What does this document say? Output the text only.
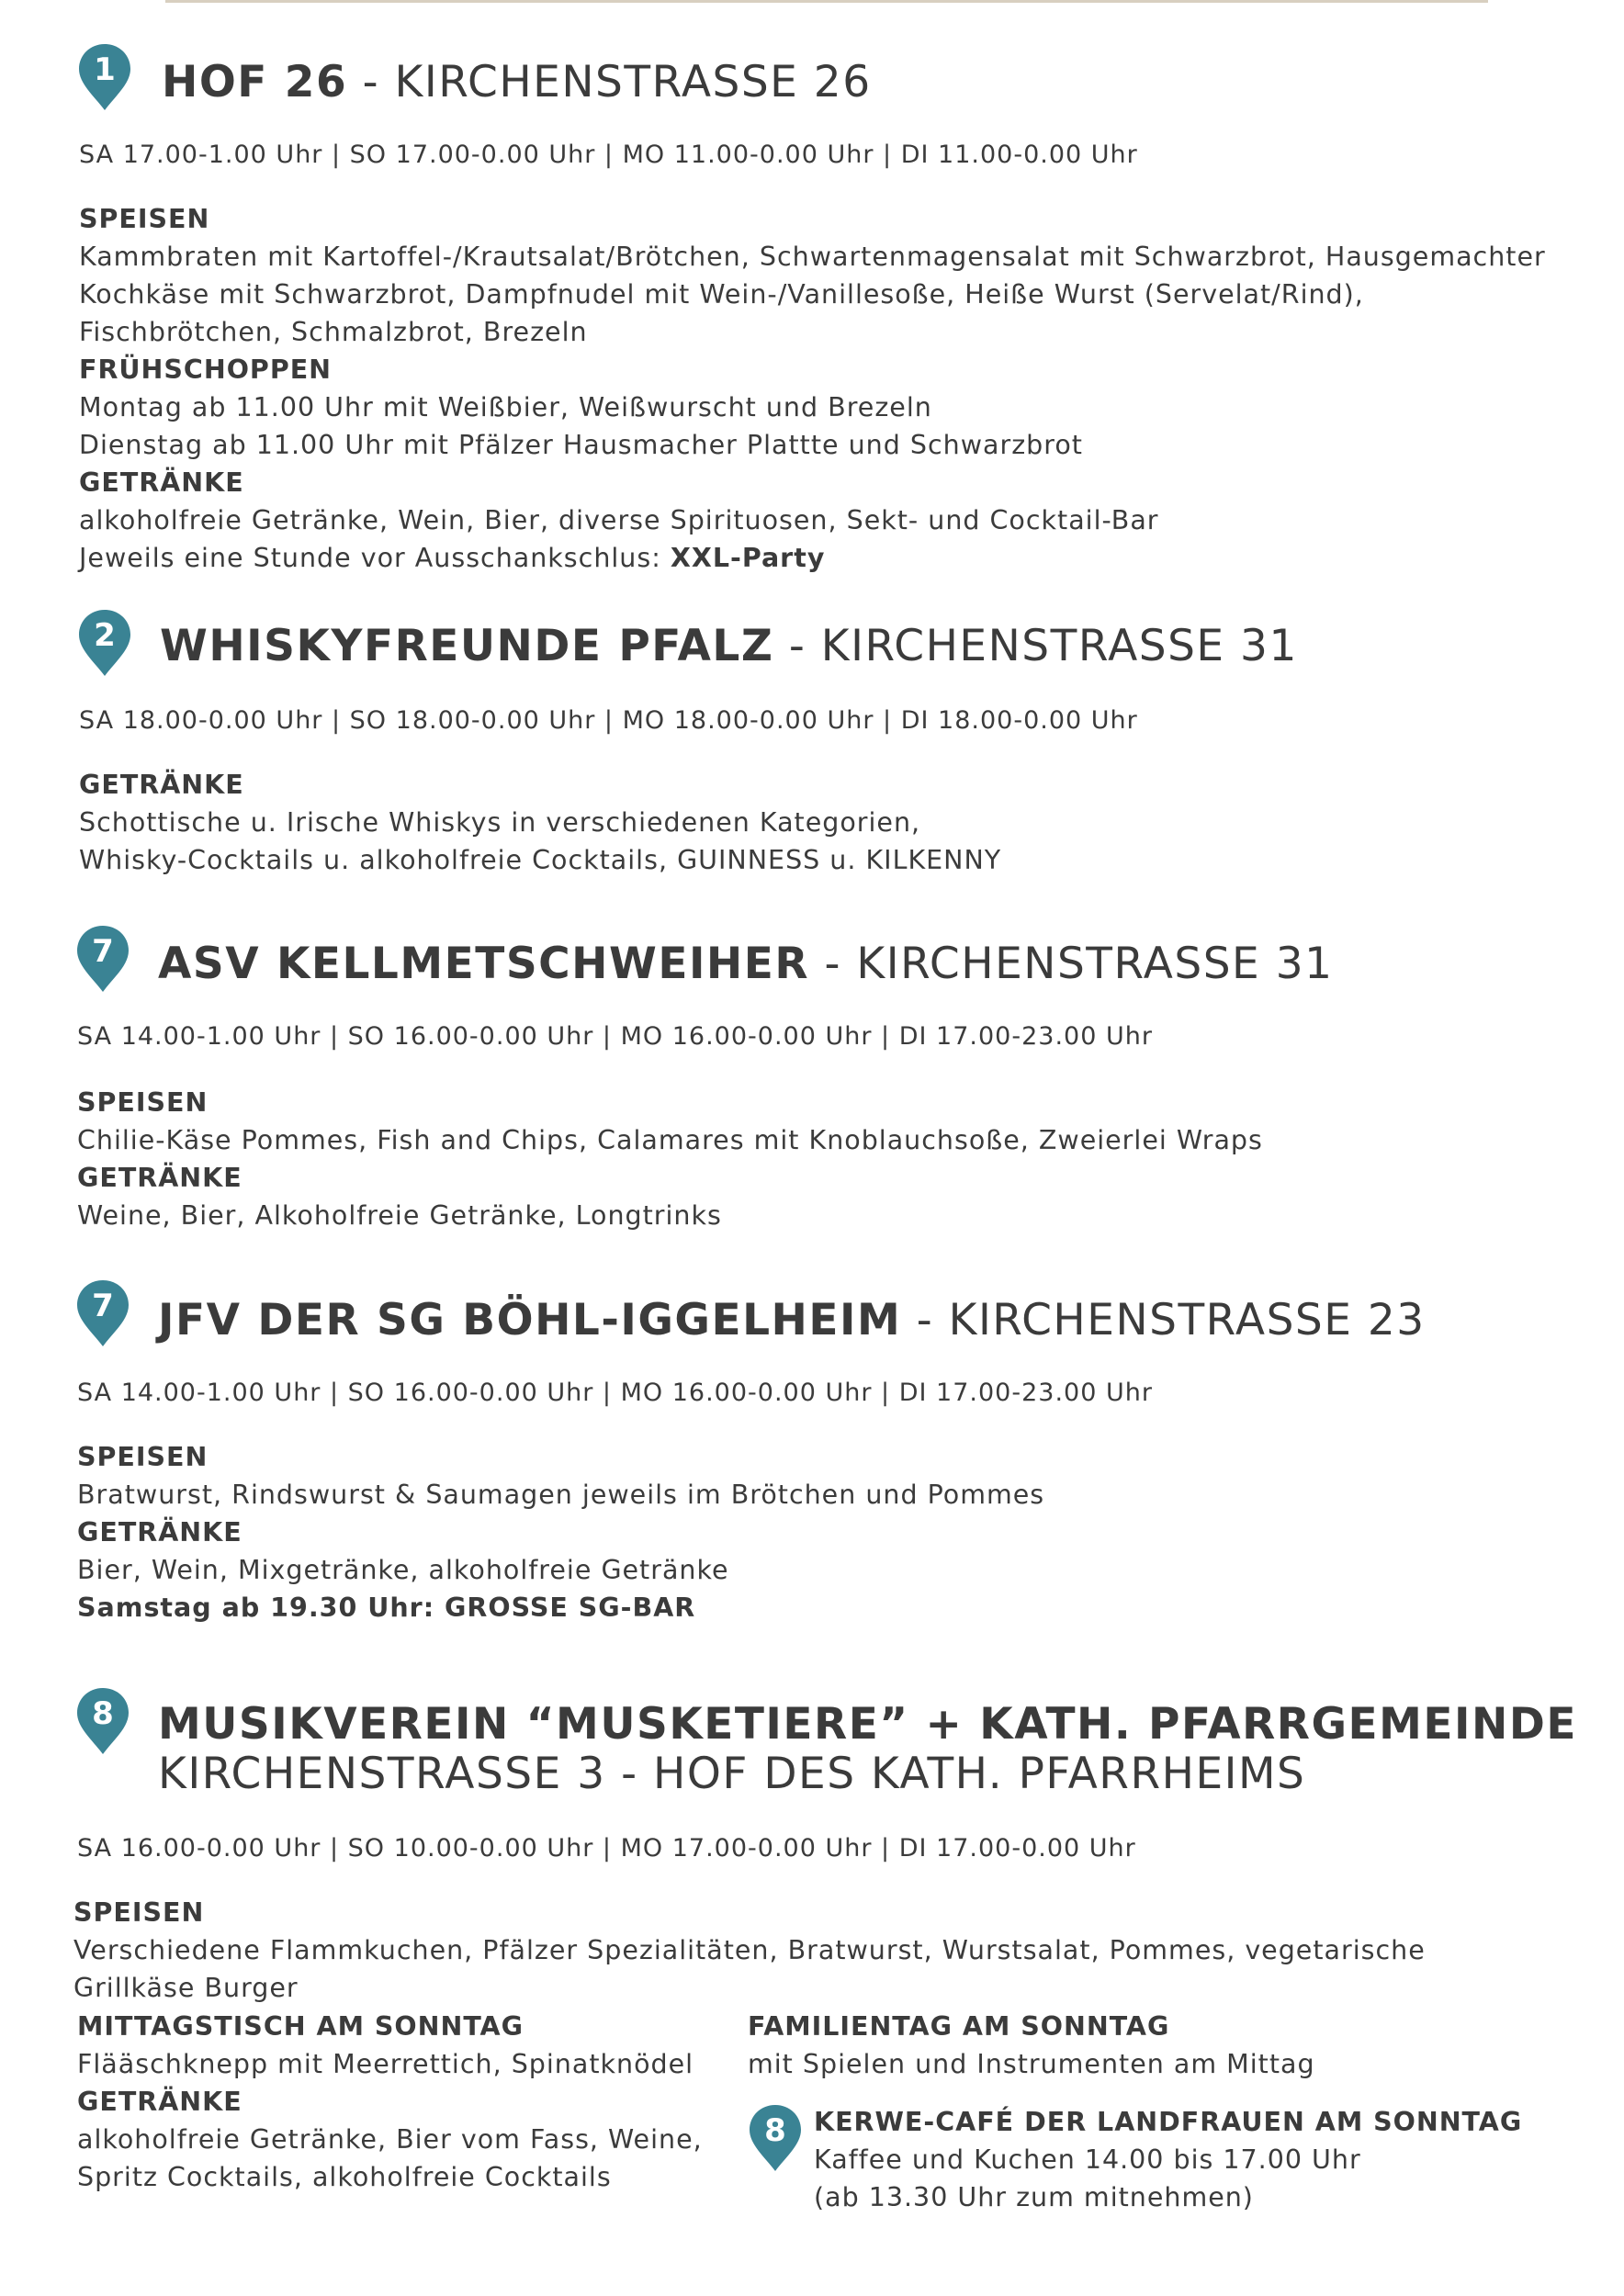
1	HOF 26 - KIRCHENSTRASSE 26
SA 17.00-1.00 Uhr | SO 17.00-0.00 Uhr | MO 11.00-0.00 Uhr | DI 11.00-0.00 Uhr
SPEISEN
Kammbraten mit Kartoffel-/Krautsalat/Brötchen, Schwartenmagensalat mit Schwarzbrot, Hausgemachter Kochkäse mit Schwarzbrot, Dampfnudel mit Wein-/Vanillesoße, Heiße Wurst (Servelat/Rind), Fischbrötchen, Schmalzbrot, Brezeln
FRÜHSCHOPPEN
Montag ab 11.00 Uhr mit Weißbier, Weißwurscht und Brezeln
Dienstag ab 11.00 Uhr mit Pfälzer Hausmacher Plattte und Schwarzbrot
GETRÄNKE
alkoholfreie Getränke, Wein, Bier, diverse Spirituosen, Sekt- und Cocktail-Bar
Jeweils eine Stunde vor Ausschankschlus: XXL-Party
2	WHISKYFREUNDE PFALZ - KIRCHENSTRASSE 31
SA 18.00-0.00 Uhr | SO 18.00-0.00 Uhr | MO 18.00-0.00 Uhr | DI 18.00-0.00 Uhr
GETRÄNKE
Schottische u. Irische Whiskys in verschiedenen Kategorien,
Whisky-Cocktails u. alkoholfreie Cocktails, GUINNESS u. KILKENNY
7	ASV KELLMETSCHWEIHER - KIRCHENSTRASSE 31
SA 14.00-1.00 Uhr | SO 16.00-0.00 Uhr | MO 16.00-0.00 Uhr | DI 17.00-23.00 Uhr
SPEISEN
Chilie-Käse Pommes, Fish and Chips, Calamares mit Knoblauchsoße, Zweierlei Wraps
GETRÄNKE
Weine, Bier, Alkoholfreie Getränke, Longtrinks
7	JFV DER SG BÖHL-IGGELHEIM - KIRCHENSTRASSE 23
SA 14.00-1.00 Uhr | SO 16.00-0.00 Uhr | MO 16.00-0.00 Uhr | DI 17.00-23.00 Uhr
SPEISEN
Bratwurst, Rindswurst & Saumagen jeweils im Brötchen und Pommes
GETRÄNKE
Bier, Wein, Mixgetränke, alkoholfreie Getränke
Samstag ab 19.30 Uhr: GROSSE SG-BAR
8	MUSIKVEREIN “MUSKETIERE” + KATH. PFARRGEMEINDE
KIRCHENSTRASSE 3 - HOF DES KATH. PFARRHEIMS
SA 16.00-0.00 Uhr | SO 10.00-0.00 Uhr | MO 17.00-0.00 Uhr | DI 17.00-0.00 Uhr
SPEISEN
Verschiedene Flammkuchen, Pfälzer Spezialitäten, Bratwurst, Wurstsalat, Pommes, vegetarische Grillkäse Burger
MITTAGSTISCH AM SONNTAG
Flääschknepp mit Meerrettich, Spinatknödel
GETRÄNKE
alkoholfreie Getränke, Bier vom Fass, Weine,
Spritz Cocktails, alkoholfreie Cocktails
FAMILIENTAG AM SONNTAG
mit Spielen und Instrumenten am Mittag
8	KERWE-CAFÉ DER LANDFRAUEN AM SONNTAG
Kaffee und Kuchen 14.00 bis 17.00 Uhr
(ab 13.30 Uhr zum mitnehmen)
